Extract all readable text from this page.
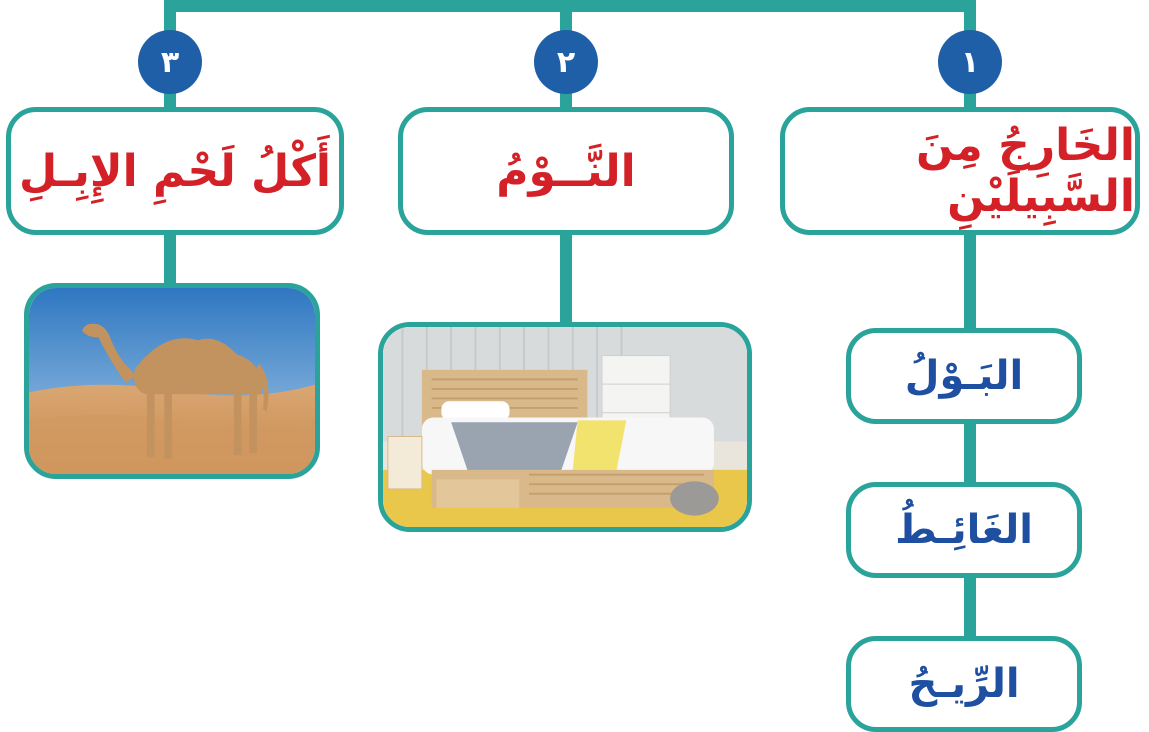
١
٢
٣
الخَارِجُ مِنَ السَّبِيلَيْنِ
النَّــوْمُ
أَكْلُ لَحْمِ الإِبِـلِ
البَـوْلُ
الغَائِـطُ
الرِّيـحُ
